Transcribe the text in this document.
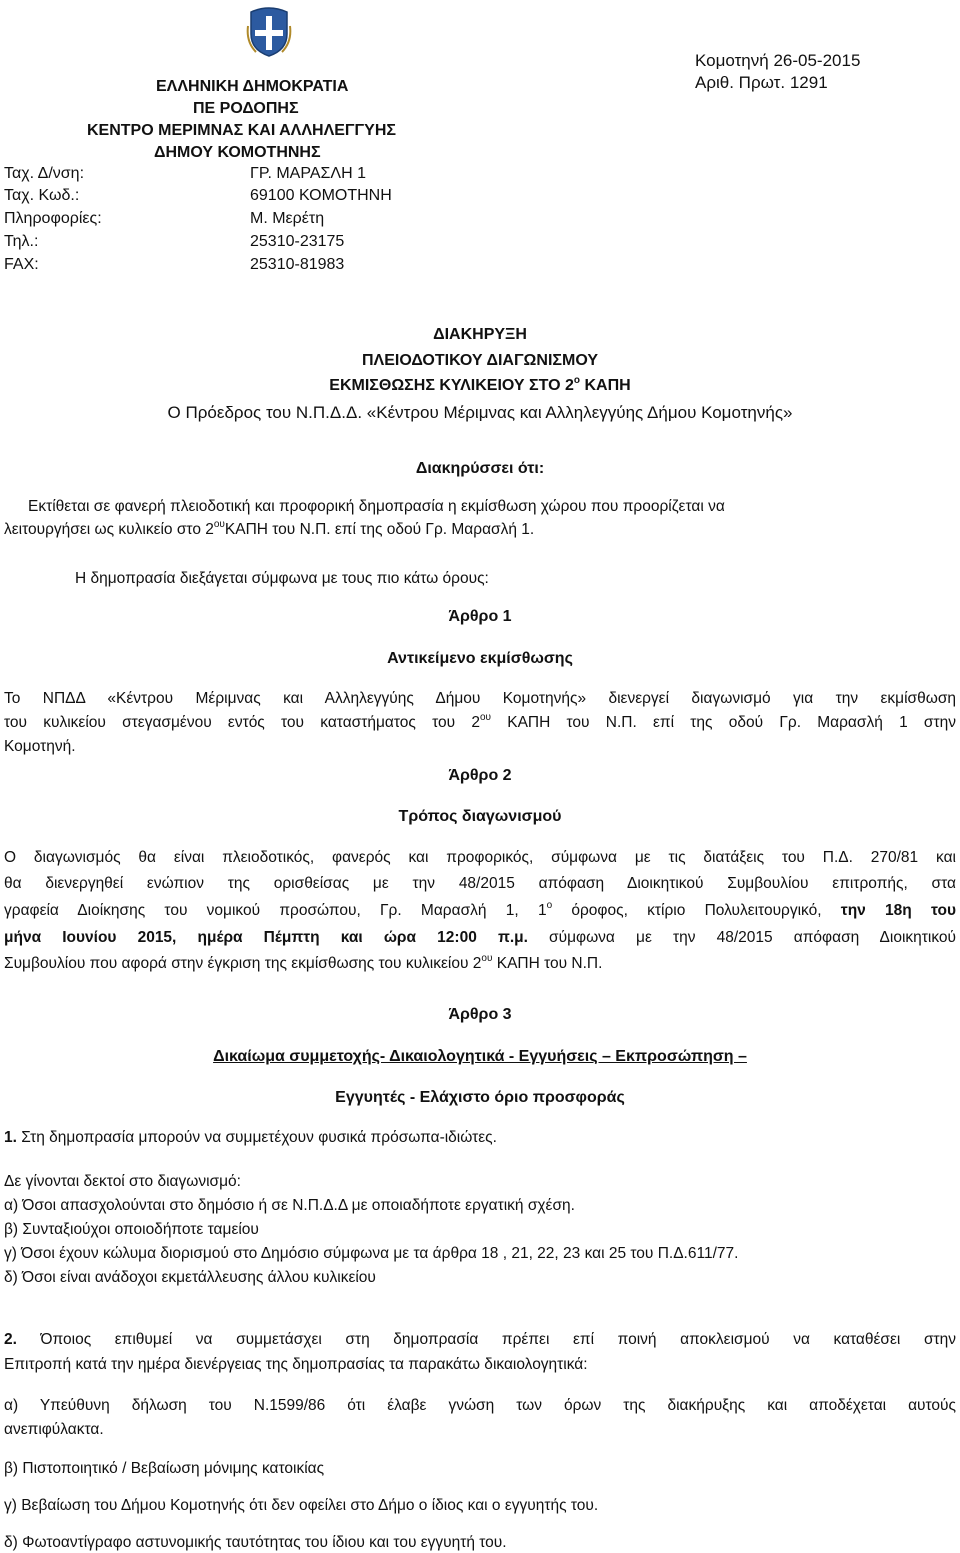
ΕΛΛΗΝΙΚΗ ΔΗΜΟΚΡΑΤΙΑ
ΠΕ ΡΟΔΟΠΗΣ
ΚΕΝΤΡΟ ΜΕΡΙΜΝΑΣ ΚΑΙ ΑΛΛΗΛΕΓΓΥΗΣ
ΔΗΜΟΥ ΚΟΜΟΤΗΝΗΣ
Κομοτηνή 26-05-2015
Αριθ. Πρωτ. 1291
Ταχ. Δ/νση:	ΓΡ. ΜΑΡΑΣΛΗ 1
Ταχ. Κωδ.:	69100 ΚΟΜΟΤΗΝΗ
Πληροφορίες:	Μ. Μερέτη
Τηλ.:	25310-23175
FAX:	25310-81983
ΔΙΑΚΗΡΥΞΗ
ΠΛΕΙΟΔΟΤΙΚΟΥ ΔΙΑΓΩΝΙΣΜΟΥ
ΕΚΜΙΣΘΩΣΗΣ ΚΥΛΙΚΕΙΟΥ ΣΤΟ $2^o$ ΚΑΠΗ
Ο Πρόεδρος του Ν.Π.Δ.Δ. «Κέντρου Μέριμνας και Αλληλεγγύης Δήμου Κομοτηνής»
Διακηρύσσει ότι:
Εκτίθεται σε φανερή πλειοδοτική και προφορική δημοπρασία η εκμίσθωση χώρου που προορίζεται να
λειτουργήσει ως κυλικείο στο $2^{o\upsilon}KA\Pi H$ του Ν.Π. επί της οδού Γρ. Μαρασλή 1.
Η δημοπρασία διεξάγεται σύμφωνα με τους πιο κάτω όρους:
Άρθρο 1
Αντικείμενο εκμίσθωσης
Το ΝΠΔΔ «Κέντρου Μέριμνας και Αλληλεγγύης Δήμου Κομοτηνής» διενεργεί διαγωνισμό για την εκμίσθωση
του κυλικείου στεγασμένου εντός του καταστήματος του $2^{o\upsilon}$ ΚΑΠΗ του Ν.Π. επί της οδού Γρ. Μαρασλή 1 στην
Κομοτηνή.
Άρθρο 2
Τρόπος διαγωνισμού
Ο διαγωνισμός θα είναι πλειοδοτικός, φανερός και προφορικός, σύμφωνα με τις διατάξεις του Π.Δ. 270/81 και
θα διενεργηθεί ενώπιον της ορισθείσας με την 48/2015 απόφαση Διοικητικού Συμβουλίου επιτροπής, στα
γραφεία Διοίκησης του νομικού προσώπου, Γρ. Μαρασλή 1, $1^o$ όροφος, κτίριο Πολυλειτουργικό, την 18η του
μήνα Ιουνίου 2015, ημέρα Πέμπτη και ώρα 12:00 π.μ. σύμφωνα με την 48/2015 απόφαση Διοικητικού
Συμβουλίου που αφορά στην έγκριση της εκμίσθωσης του κυλικείου $2^{o\upsilon}$ ΚΑΠΗ του Ν.Π.
Άρθρο 3
Δικαίωμα συμμετοχής- Δικαιολογητικά - Εγγυήσεις – Εκπροσώπηση –
Εγγυητές - Ελάχιστο όριο προσφοράς
1. Στη δημοπρασία μπορούν να συμμετέχουν φυσικά πρόσωπα-ιδιώτες.
Δε γίνονται δεκτοί στο διαγωνισμό:
α) Όσοι απασχολούνται στο δημόσιο ή σε Ν.Π.Δ.Δ με οποιαδήποτε εργατική σχέση.
β) Συνταξιούχοι οποιοδήποτε ταμείου
γ) Όσοι έχουν κώλυμα διορισμού στο Δημόσιο σύμφωνα με τα άρθρα 18 , 21, 22, 23 και 25 του Π.Δ.611/77.
δ) Όσοι είναι ανάδοχοι εκμετάλλευσης άλλου κυλικείου
2. Όποιος επιθυμεί να συμμετάσχει στη δημοπρασία πρέπει επί ποινή αποκλεισμού να καταθέσει στην
Επιτροπή κατά την ημέρα διενέργειας της δημοπρασίας τα παρακάτω δικαιολογητικά:
α) Υπεύθυνη δήλωση του Ν.1599/86 ότι έλαβε γνώση των όρων της διακήρυξης και αποδέχεται αυτούς
ανεπιφύλακτα.
β) Πιστοποιητικό / Βεβαίωση μόνιμης κατοικίας
γ) Βεβαίωση του Δήμου Κομοτηνής ότι δεν οφείλει στο Δήμο ο ίδιος και ο εγγυητής του.
δ) Φωτοαντίγραφο αστυνομικής ταυτότητας του ίδιου και του εγγυητή του.
